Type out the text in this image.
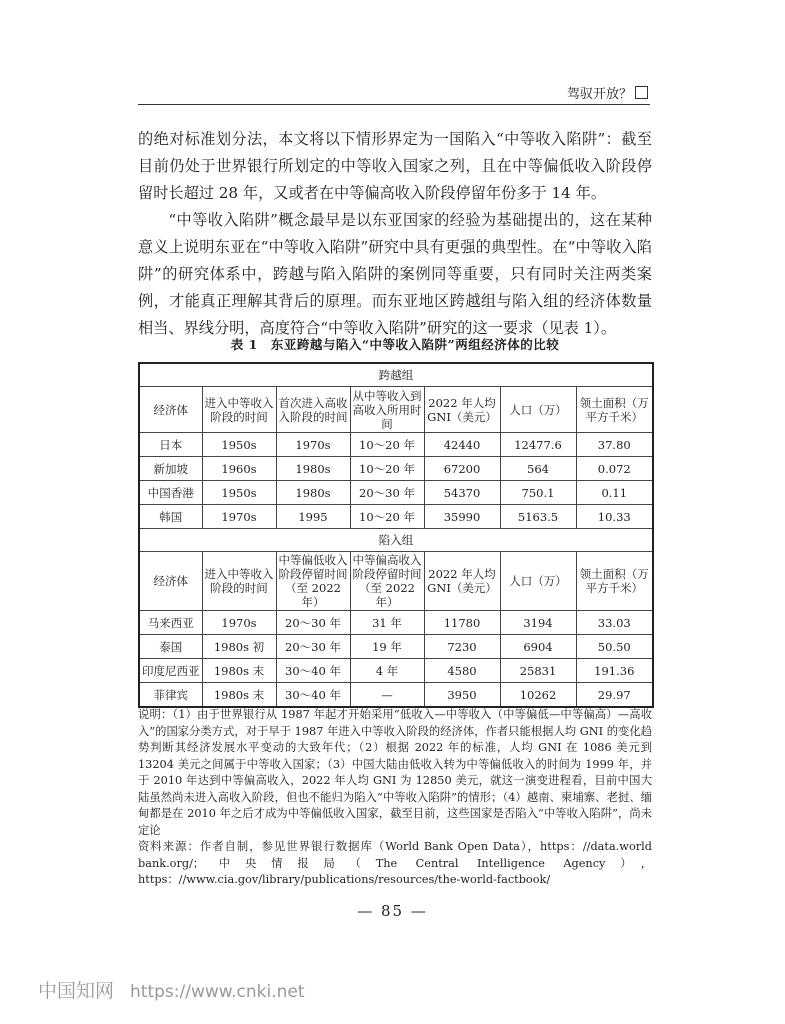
驾驭开放？

的绝对标准划分法，本文将以下情形界定为一国陷入“中等收入陷阱”：截至目前仍处于世界银行所划定的中等收入国家之列，且在中等偏低收入阶段停留时长超过 28 年，又或者在中等偏高收入阶段停留年份多于 14 年。

“中等收入陷阱”概念最早是以东亚国家的经验为基础提出的，这在某种意义上说明东亚在“中等收入陷阱”研究中具有更强的典型性。在“中等收入陷阱”的研究体系中，跨越与陷入陷阱的案例同等重要，只有同时关注两类案例，才能真正理解其背后的原理。而东亚地区跨越组与陷入组的经济体数量相当、界线分明，高度符合“中等收入陷阱”研究的这一要求（见表 1）。

表 1　东亚跨越与陷入“中等收入陷阱”两组经济体的比较
跨越组						
经济体	进入中等收入阶段的时间	首次进入高收入阶段的时间	从中等收入到高收入所用时间	2022 年人均 GNI（美元）	人口（万）	领土面积（万平方千米）
日本	1950s	1970s	10～20 年	42440	12477.6	37.80
新加坡	1960s	1980s	10～20 年	67200	564	0.072
中国香港	1950s	1980s	20～30 年	54370	750.1	0.11
韩国	1970s	1995	10～20 年	35990	5163.5	10.33
陷入组						
经济体	进入中等收入阶段的时间	中等偏低收入阶段停留时间（至 2022 年）	中等偏高收入阶段停留时间（至 2022 年）	2022 年人均 GNI（美元）	人口（万）	领土面积（万平方千米）
马来西亚	1970s	20～30 年	31 年	11780	3194	33.03
泰国	1980s 初	20～30 年	19 年	7230	6904	50.50
印度尼西亚	1980s 末	30～40 年	4 年	4580	25831	191.36
菲律宾	1980s 末	30～40 年	—	3950	10262	29.97

说明：（1）由于世界银行从 1987 年起才开始采用“低收入—中等收入（中等偏低—中等偏高）—高收入”的国家分类方式，对于早于 1987 年进入中等收入阶段的经济体，作者只能根据人均 GNI 的变化趋势判断其经济发展水平变动的大致年代；（2）根据 2022 年的标准，人均 GNI 在 1086 美元到 13204 美元之间属于中等收入国家；（3）中国大陆由低收入转为中等偏低收入的时间为 1999 年，并于 2010 年达到中等偏高收入，2022 年人均 GNI 为 12850 美元，就这一演变进程看，目前中国大陆虽然尚未进入高收入阶段，但也不能归为陷入“中等收入陷阱”的情形；（4）越南、柬埔寨、老挝、缅甸都是在 2010 年之后才成为中等偏低收入国家，截至目前，这些国家是否陷入“中等收入陷阱”，尚未定论

资料来源：作者自制，参见世界银行数据库（World Bank Open Data），https：//data.world bank.org/；中央情报局（The Central Intelligence Agency），https：//www.cia.gov/library/publications/resources/the-world-factbook/

— 85 —
中国知网 https://www.cnki.net
